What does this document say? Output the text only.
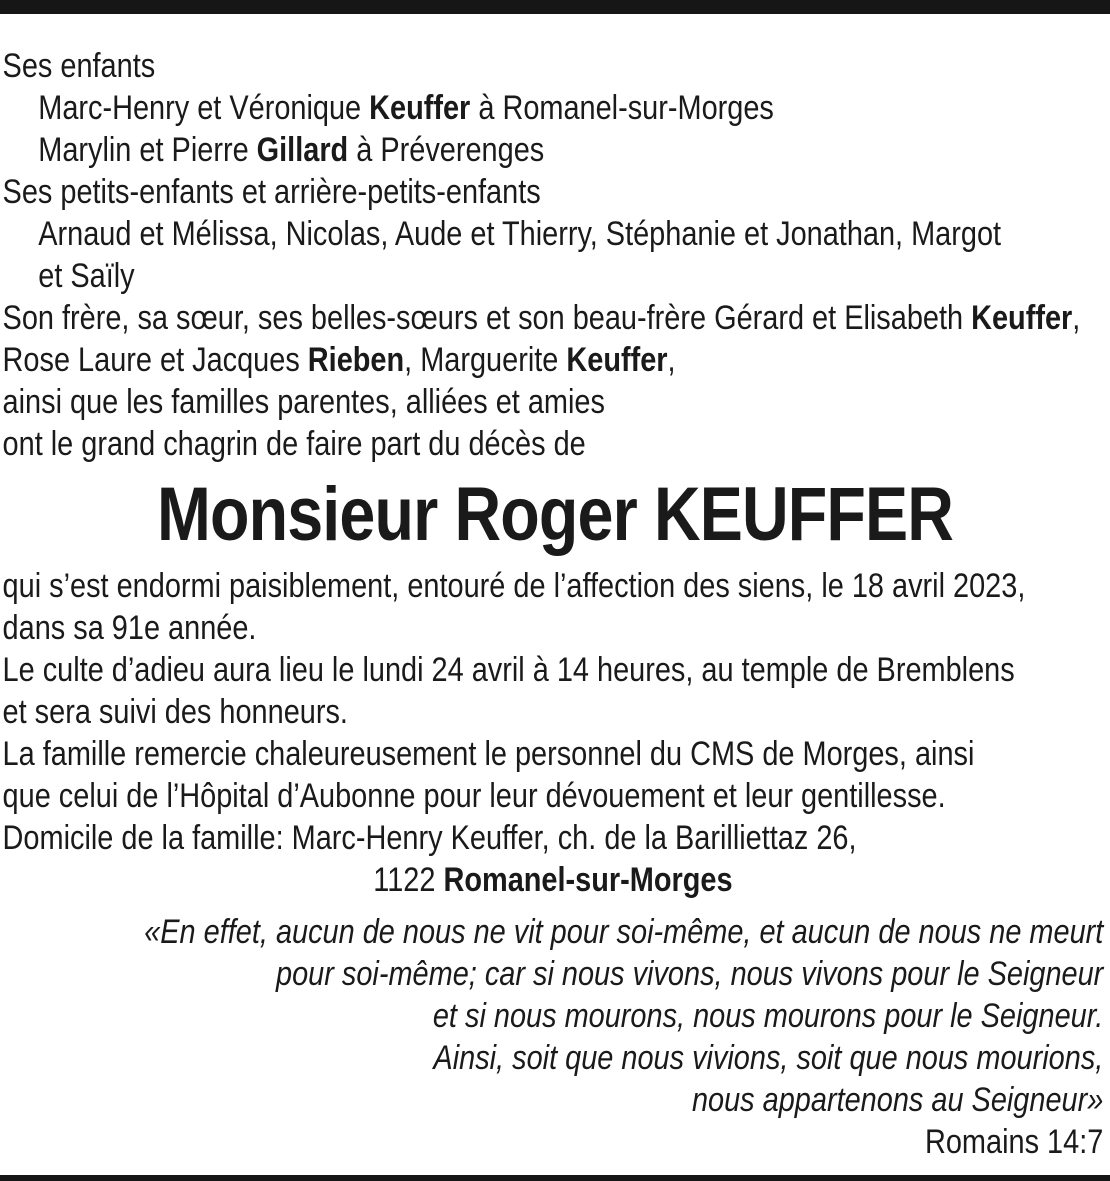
Ses enfants
Marc-Henry et Véronique Keuffer à Romanel-sur-Morges
Marylin et Pierre Gillard à Préverenges
Ses petits-enfants et arrière-petits-enfants
Arnaud et Mélissa, Nicolas, Aude et Thierry, Stéphanie et Jonathan, Margot
et Saïly
Son frère, sa sœur, ses belles-sœurs et son beau-frère Gérard et Elisabeth Keuffer,
Rose Laure et Jacques Rieben, Marguerite Keuffer,
ainsi que les familles parentes, alliées et amies
ont le grand chagrin de faire part du décès de
Monsieur Roger KEUFFER
qui s’est endormi paisiblement, entouré de l’affection des siens, le 18 avril 2023,
dans sa 91e année.
Le culte d’adieu aura lieu le lundi 24 avril à 14 heures, au temple de Bremblens
et sera suivi des honneurs.
La famille remercie chaleureusement le personnel du CMS de Morges, ainsi
que celui de l’Hôpital d’Aubonne pour leur dévouement et leur gentillesse.
Domicile de la famille: Marc-Henry Keuffer, ch. de la Barilliettaz 26,
1122 Romanel-sur-Morges
«En effet, aucun de nous ne vit pour soi-même, et aucun de nous ne meurt
pour soi-même; car si nous vivons, nous vivons pour le Seigneur
et si nous mourons, nous mourons pour le Seigneur.
Ainsi, soit que nous vivions, soit que nous mourions,
nous appartenons au Seigneur»
Romains 14:7
